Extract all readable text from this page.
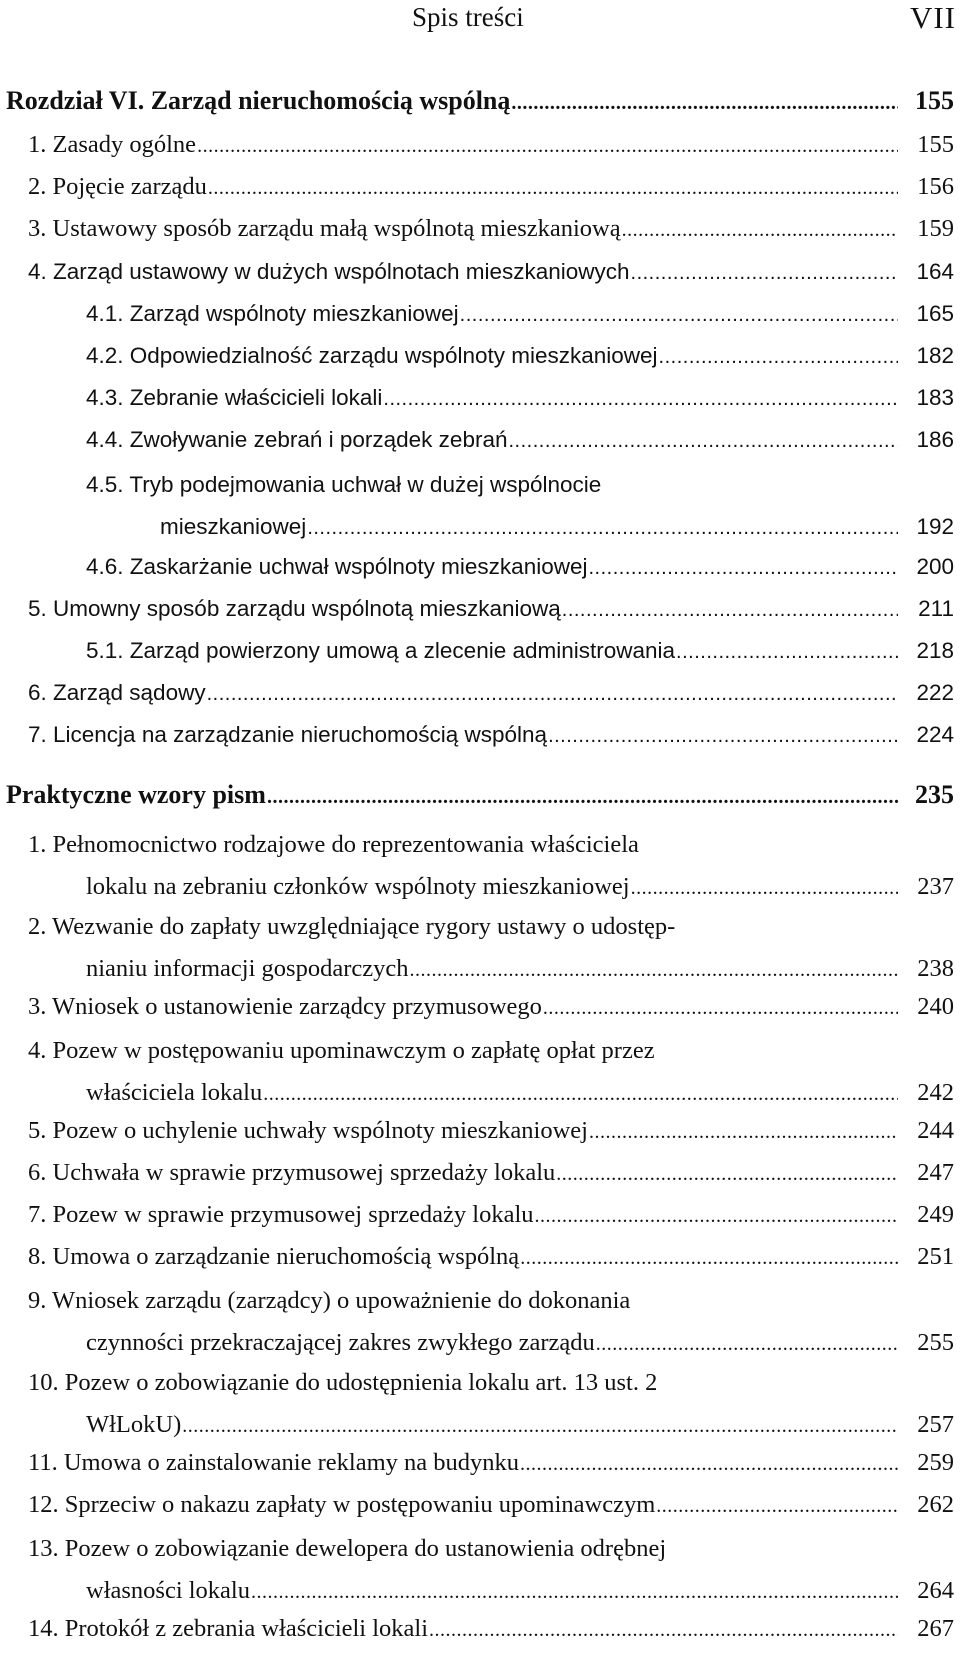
Spis treści	VII
Rozdział VI. Zarząd nieruchomością wspólną .....	155
1. Zasady ogólne .....	155
2. Pojęcie zarządu .....	156
3. Ustawowy sposób zarządu małą wspólnotą mieszkaniową .....	159
4. Zarząd ustawowy w dużych wspólnotach mieszkaniowych .....	164
4.1. Zarząd wspólnoty mieszkaniowej .....	165
4.2. Odpowiedzialność zarządu wspólnoty mieszkaniowej .....	182
4.3. Zebranie właścicieli lokali .....	183
4.4. Zwoływanie zebrań i porządek zebrań .....	186
4.5. Tryb podejmowania uchwał w dużej wspólnocie
mieszkaniowej .....	192
4.6. Zaskarżanie uchwał wspólnoty mieszkaniowej .....	200
5. Umowny sposób zarządu wspólnotą mieszkaniową .....	211
5.1. Zarząd powierzony umową a zlecenie administrowania .....	218
6. Zarząd sądowy .....	222
7. Licencja na zarządzanie nieruchomością wspólną .....	224
Praktyczne wzory pism .....	235
1. Pełnomocnictwo rodzajowe do reprezentowania właściciela
lokalu na zebraniu członków wspólnoty mieszkaniowej .....	237
2. Wezwanie do zapłaty uwzględniające rygory ustawy o udostęp-
nianiu informacji gospodarczych .....	238
3. Wniosek o ustanowienie zarządcy przymusowego .....	240
4. Pozew w postępowaniu upominawczym o zapłatę opłat przez
właściciela lokalu .....	242
5. Pozew o uchylenie uchwały wspólnoty mieszkaniowej .....	244
6. Uchwała w sprawie przymusowej sprzedaży lokalu .....	247
7. Pozew w sprawie przymusowej sprzedaży lokalu .....	249
8. Umowa o zarządzanie nieruchomością wspólną .....	251
9. Wniosek zarządu (zarządcy) o upoważnienie do dokonania
czynności przekraczającej zakres zwykłego zarządu .....	255
10. Pozew o zobowiązanie do udostępnienia lokalu art. 13 ust. 2
WłLokU) .....	257
11. Umowa o zainstalowanie reklamy na budynku .....	259
12. Sprzeciw o nakazu zapłaty w postępowaniu upominawczym .....	262
13. Pozew o zobowiązanie dewelopera do ustanowienia odrębnej
własności lokalu .....	264
14. Protokół z zebrania właścicieli lokali .....	267
